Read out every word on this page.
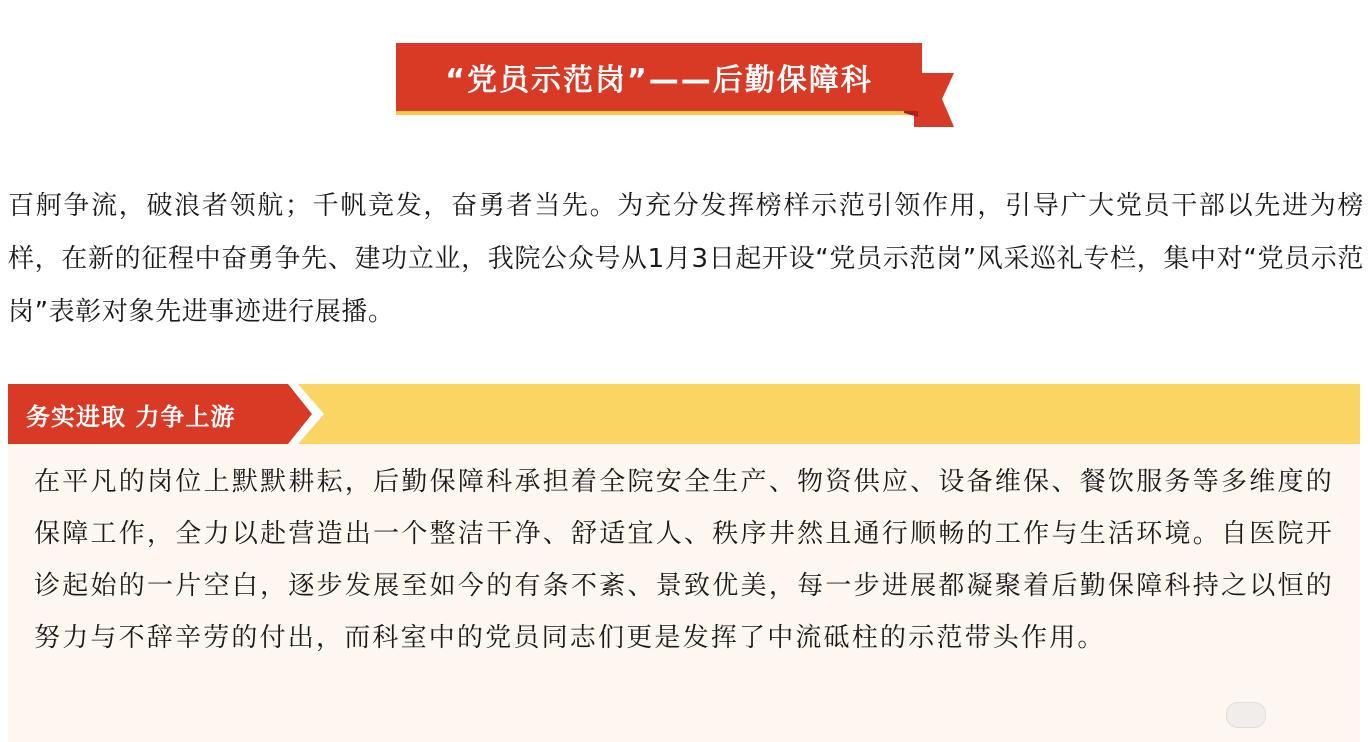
“党员示范岗”——后勤保障科
百舸争流，破浪者领航；千帆竞发，奋勇者当先。为充分发挥榜样示范引领作用，引导广大党员干部以先进为榜样，在新的征程中奋勇争先、建功立业，我院公众号从1月3日起开设“党员示范岗”风采巡礼专栏，集中对“党员示范岗”表彰对象先进事迹进行展播。
务实进取 力争上游
在平凡的岗位上默默耕耘，后勤保障科承担着全院安全生产、物资供应、设备维保、餐饮服务等多维度的保障工作，全力以赴营造出一个整洁干净、舒适宜人、秩序井然且通行顺畅的工作与生活环境。自医院开诊起始的一片空白，逐步发展至如今的有条不紊、景致优美，每一步进展都凝聚着后勤保障科持之以恒的努力与不辞辛劳的付出，而科室中的党员同志们更是发挥了中流砥柱的示范带头作用。
